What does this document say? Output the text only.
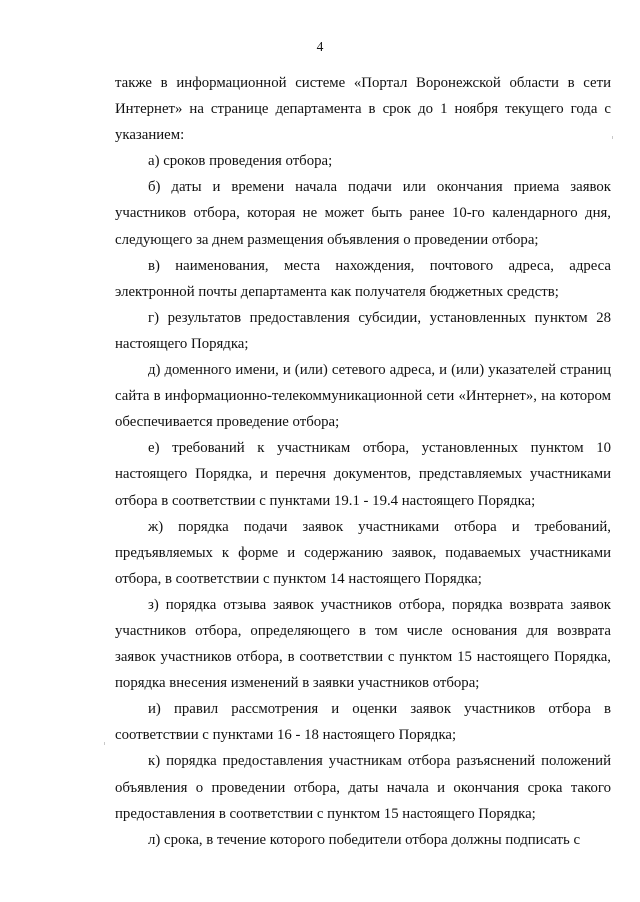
4

также в информационной системе «Портал Воронежской области в сети Интернет» на странице департамента в срок до 1 ноября текущего года с указанием:

а) сроков проведения отбора;

б) даты и времени начала подачи или окончания приема заявок участников отбора, которая не может быть ранее 10-го календарного дня, следующего за днем размещения объявления о проведении отбора;

в) наименования, места нахождения, почтового адреса, адреса электронной почты департамента как получателя бюджетных средств;

г) результатов предоставления субсидии, установленных пунктом 28 настоящего Порядка;

д) доменного имени, и (или) сетевого адреса, и (или) указателей страниц сайта в информационно-телекоммуникационной сети «Интернет», на котором обеспечивается проведение отбора;

е) требований к участникам отбора, установленных пунктом 10 настоящего Порядка, и перечня документов, представляемых участниками отбора в соответствии с пунктами 19.1 - 19.4 настоящего Порядка;

ж) порядка подачи заявок участниками отбора и требований, предъявляемых к форме и содержанию заявок, подаваемых участниками отбора, в соответствии с пунктом 14 настоящего Порядка;

з) порядка отзыва заявок участников отбора, порядка возврата заявок участников отбора, определяющего в том числе основания для возврата заявок участников отбора, в соответствии с пунктом 15 настоящего Порядка, порядка внесения изменений в заявки участников отбора;

и) правил рассмотрения и оценки заявок участников отбора в соответствии с пунктами 16 - 18 настоящего Порядка;

к) порядка предоставления участникам отбора разъяснений положений объявления о проведении отбора, даты начала и окончания срока такого предоставления в соответствии с пунктом 15 настоящего Порядка;

л) срока, в течение которого победители отбора должны подписать с
